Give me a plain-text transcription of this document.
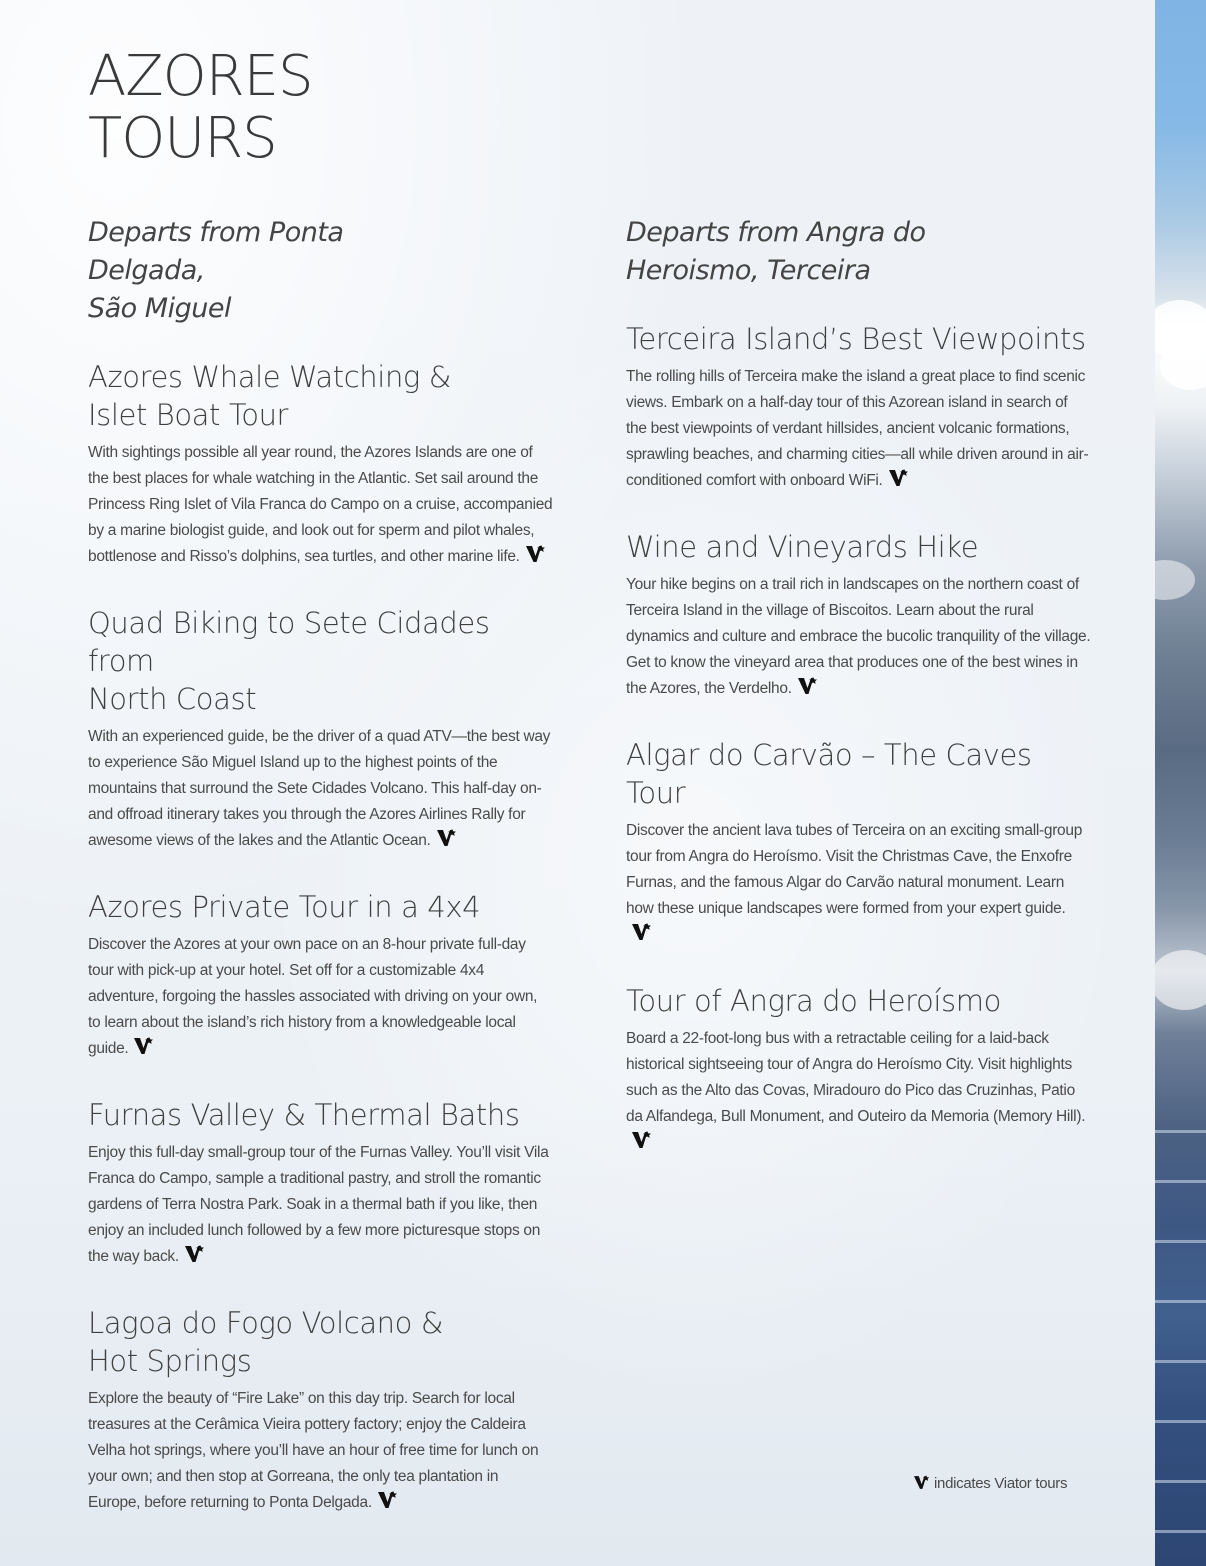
AZORES
TOURS
Departs from Ponta Delgada,
São Miguel
Azores Whale Watching &
Islet Boat Tour

With sightings possible all year round, the Azores Islands are one of the best places for whale watching in the Atlantic. Set sail around the Princess Ring Islet of Vila Franca do Campo on a cruise, accompanied by a marine biologist guide, and look out for sperm and pilot whales, bottlenose and Risso’s dolphins, sea turtles, and other marine life.

Quad Biking to Sete Cidades from
North Coast

With an experienced guide, be the driver of a quad ATV—the best way to experience São Miguel Island up to the highest points of the mountains that surround the Sete Cidades Volcano. This half-day on- and offroad itinerary takes you through the Azores Airlines Rally for awesome views of the lakes and the Atlantic Ocean.

Azores Private Tour in a 4x4

Discover the Azores at your own pace on an 8-hour private full-day tour with pick-up at your hotel. Set off for a customizable 4x4 adventure, forgoing the hassles associated with driving on your own, to learn about the island’s rich history from a knowledgeable local guide.

Furnas Valley & Thermal Baths

Enjoy this full-day small-group tour of the Furnas Valley. You’ll visit Vila Franca do Campo, sample a traditional pastry, and stroll the romantic gardens of Terra Nostra Park. Soak in a thermal bath if you like, then enjoy an included lunch followed by a few more picturesque stops on the way back.

Lagoa do Fogo Volcano &
Hot Springs

Explore the beauty of “Fire Lake” on this day trip. Search for local treasures at the Cerâmica Vieira pottery factory; enjoy the Caldeira Velha hot springs, where you’ll have an hour of free time for lunch on your own; and then stop at Gorreana, the only tea plantation in Europe, before returning to Ponta Delgada.

Departs from Angra do
Heroismo, Terceira
Terceira Island’s Best Viewpoints

The rolling hills of Terceira make the island a great place to find scenic views. Embark on a half-day tour of this Azorean island in search of the best viewpoints of verdant hillsides, ancient volcanic formations, sprawling beaches, and charming cities—all while driven around in air-conditioned comfort with onboard WiFi.

Wine and Vineyards Hike

Your hike begins on a trail rich in landscapes on the northern coast of Terceira Island in the village of Biscoitos. Learn about the rural dynamics and culture and embrace the bucolic tranquility of the village. Get to know the vineyard area that produces one of the best wines in the Azores, the Verdelho.

Algar do Carvão – The Caves Tour

Discover the ancient lava tubes of Terceira on an exciting small-group tour from Angra do Heroísmo. Visit the Christmas Cave, the Enxofre Furnas, and the famous Algar do Carvão natural monument. Learn how these unique landscapes were formed from your expert guide.

Tour of Angra do Heroísmo

Board a 22-foot-long bus with a retractable ceiling for a laid-back historical sightseeing tour of Angra do Heroísmo City. Visit highlights such as the Alto das Covas, Miradouro do Pico das Cruzinhas, Patio da Alfandega, Bull Monument, and Outeiro da Memoria (Memory Hill).

indicates Viator tours
